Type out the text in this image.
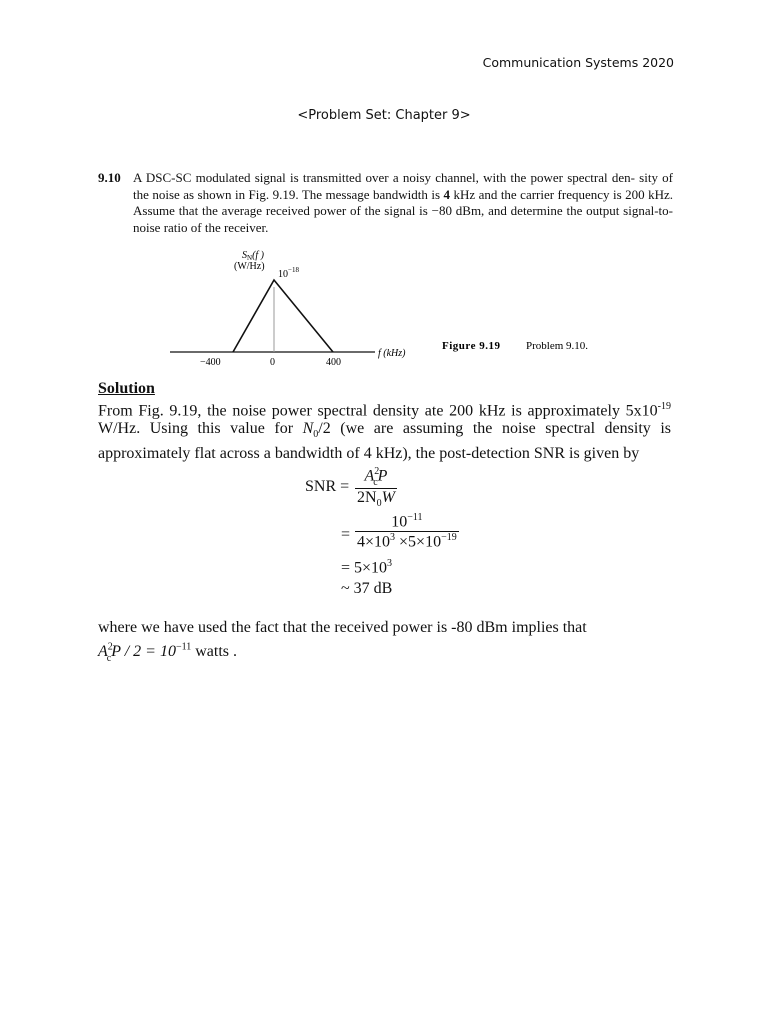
Communication Systems 2020
<Problem Set: Chapter 9>
9.10 A DSC-SC modulated signal is transmitted over a noisy channel, with the power spectral den- sity of the noise as shown in Fig. 9.19. The message bandwidth is 4 kHz and the carrier frequency is 200 kHz. Assume that the average received power of the signal is −80 dBm, and determine the output signal-to-noise ratio of the receiver.
$S_N(f$ )
(W/Hz)
$10^{-18}$
−400	0	400
f (kHz)
Figure 9.19 Problem 9.10.
Solution
From Fig. 9.19, the noise power spectral density ate 200 kHz is approximately $5x10^{-19}$ W/Hz. Using this value for $N_0/2$ (we are assuming the noise spectral density is approximately flat across a bandwidth of 4 kHz), the post-detection SNR is given by
SNR = $\frac{A^2_cP}{2N_0W}$
= $\frac{10^{-11}}{4\times 10^3 \times 5\times 10^{-19}}$
= $5\times 10^3$
~ 37 dB
where we have used the fact that the received power is -80 dBm implies that
$A^2_cP / 2 = 10^{-11}$ watts .
